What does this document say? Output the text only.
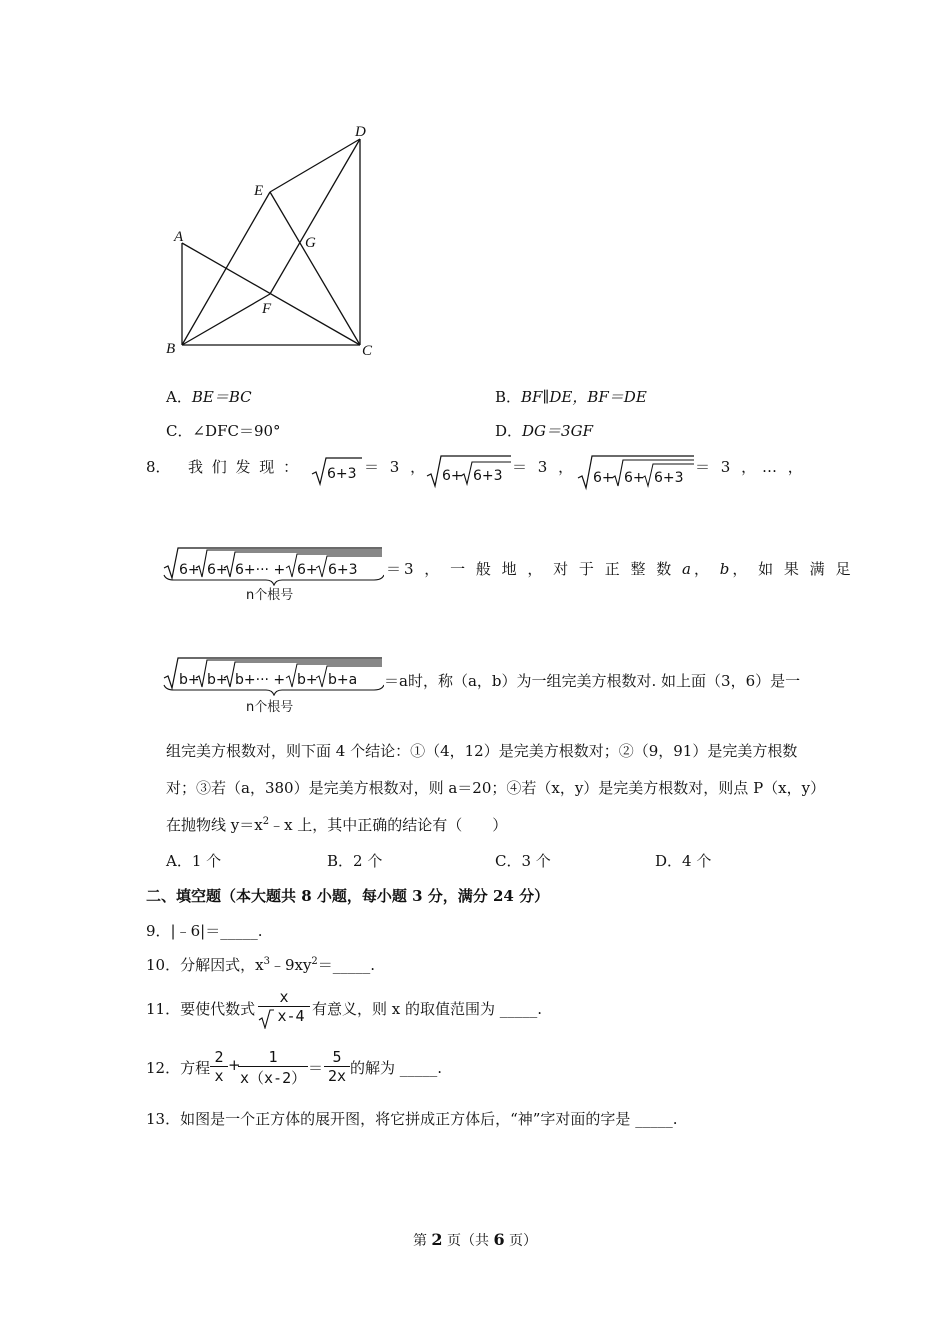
A
B	C
D
E
F
G
A．BE＝BC	B．BF∥DE，BF＝DE
C．∠DFC＝90°	D．DG＝3GF
8． 我 们 发 现 ： 6+3 ＝ 3 ， 6+ 6+3 ＝ 3 ，
6+ 6+ 6+3
＝ 3 ， … ，
6+ 6+ 6+··· + 6+ 6+3
n个根号
＝3 ， 一 般 地 ， 对 于 正 整 数 a， b， 如 果 满 足
b+ b+ b+··· + b+ b+a
n个根号
＝a时，称（a，b）为一组完美方根数对. 如上面（3，6）是一
组完美方根数对，则下面 4 个结论：①（4，12）是完美方根数对；②（9，91）是完美方根数
对；③若（a，380）是完美方根数对，则 a＝20；④若（x，y）是完美方根数对，则点 P（x，y）
在抛物线 $y=x^2﹣x$ 上，其中正确的结论有（　　）
A．1 个	B．2 个	C．3 个	D．4 个
二、填空题（本大题共 8 小题，每小题 3 分，满分 24 分）
9．|﹣6|＝_____.
10．分解因式，$x^3﹣9xy^2=\_\_\_\_\_$.
11．要使代数式 $\frac{x}{x-4}$ 有意义，则 x 的取值范围为 _____.
12．方程 $\frac{2}{x}$ +
$\frac{1}{x(x-2)} = \frac{5}{2x}$ 的解为 _____.
13．如图是一个正方体的展开图，将它拼成正方体后，“神”字对面的字是 _____.
第 2 页（共 6 页）
